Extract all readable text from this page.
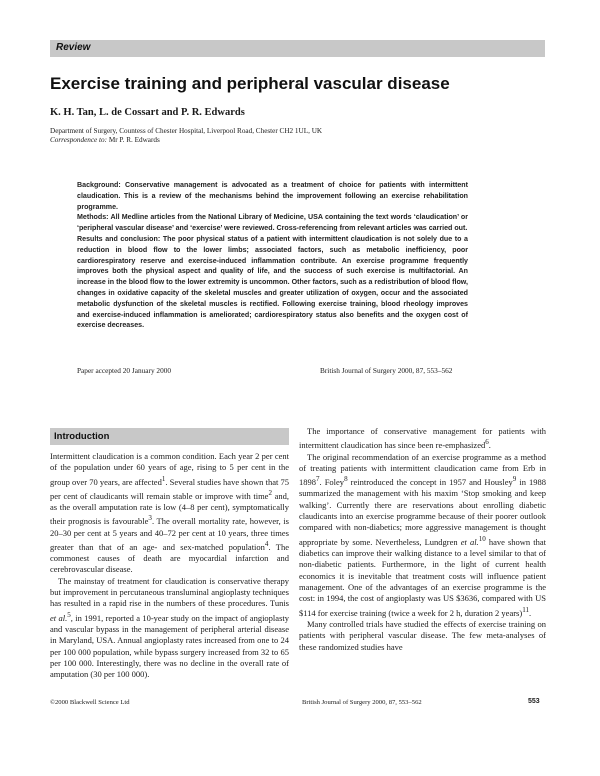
Review
Exercise training and peripheral vascular disease
K. H. Tan, L. de Cossart and P. R. Edwards
Department of Surgery, Countess of Chester Hospital, Liverpool Road, Chester CH2 1UL, UK
Correspondence to: Mr P. R. Edwards

Background: Conservative management is advocated as a treatment of choice for patients with intermittent claudication. This is a review of the mechanisms behind the improvement following an exercise rehabilitation programme.

Methods: All Medline articles from the National Library of Medicine, USA containing the text words ‘claudication’ or ‘peripheral vascular disease’ and ‘exercise’ were reviewed. Cross-referencing from relevant articles was carried out.

Results and conclusion: The poor physical status of a patient with intermittent claudication is not solely due to a reduction in blood flow to the lower limbs; associated factors, such as metabolic inefficiency, poor cardiorespiratory reserve and exercise-induced inflammation contribute. An exercise programme frequently improves both the physical aspect and quality of life, and the success of such exercise is multifactorial. An increase in the blood flow to the lower extremity is uncommon. Other factors, such as a redistribution of blood flow, changes in oxidative capacity of the skeletal muscles and greater utilization of oxygen, occur and the associated metabolic dysfunction of the skeletal muscles is rectified. Following exercise training, blood rheology improves and exercise-induced inflammation is ameliorated; cardiorespiratory status also benefits and the oxygen cost of exercise decreases.

Paper accepted 20 January 2000	British Journal of Surgery 2000, 87, 553–562
Introduction

Intermittent claudication is a common condition. Each year 2 per cent of the population under 60 years of age, rising to 5 per cent in the group over 70 years, are affected$^1$. Several studies have shown that 75 per cent of claudicants will remain stable or improve with time$^2$ and, as the overall amputation rate is low (4–8 per cent), symptomatically their prognosis is favourable$^3$. The overall mortality rate, however, is 20–30 per cent at 5 years and 40–72 per cent at 10 years, three times greater than that of an age- and sex-matched population$^4$. The commonest causes of death are myocardial infarction and cerebrovascular disease.

The mainstay of treatment for claudication is conservative therapy but improvement in percutaneous transluminal angioplasty techniques has resulted in a rapid rise in the numbers of these procedures. Tunis et al.$^5$, in 1991, reported a 10-year study on the impact of angioplasty and vascular bypass in the management of peripheral arterial disease in Maryland, USA. Annual angioplasty rates increased from one to 24 per 100 000 population, while bypass surgery increased from 32 to 65 per 100 000. Interestingly, there was no decline in the overall rate of amputation (30 per 100 000).

The importance of conservative management for patients with intermittent claudication has since been re-emphasized$^6$.

The original recommendation of an exercise programme as a method of treating patients with intermittent claudication came from Erb in 1898$^7$. Foley$^8$ reintroduced the concept in 1957 and Housley$^9$ in 1988 summarized the management with his maxim ‘Stop smoking and keep walking’. Currently there are reservations about enrolling diabetic claudicants into an exercise programme because of their poorer outlook compared with non-diabetics; more aggressive management is thought appropriate by some. Nevertheless, Lundgren et al.$^{10}$ have shown that diabetics can improve their walking distance to a level similar to that of non-diabetic patients. Furthermore, in the light of current health economics it is inevitable that treatment costs will influence patient management. One of the advantages of an exercise programme is the cost: in 1994, the cost of angioplasty was US $3636, compared with US $114 for exercise training (twice a week for 2 h, duration 2 years)$^{11}$.

Many controlled trials have studied the effects of exercise training on patients with peripheral vascular disease. The few meta-analyses of these randomized studies have

©2000 Blackwell Science Ltd	British Journal of Surgery 2000, 87, 553–562	553
